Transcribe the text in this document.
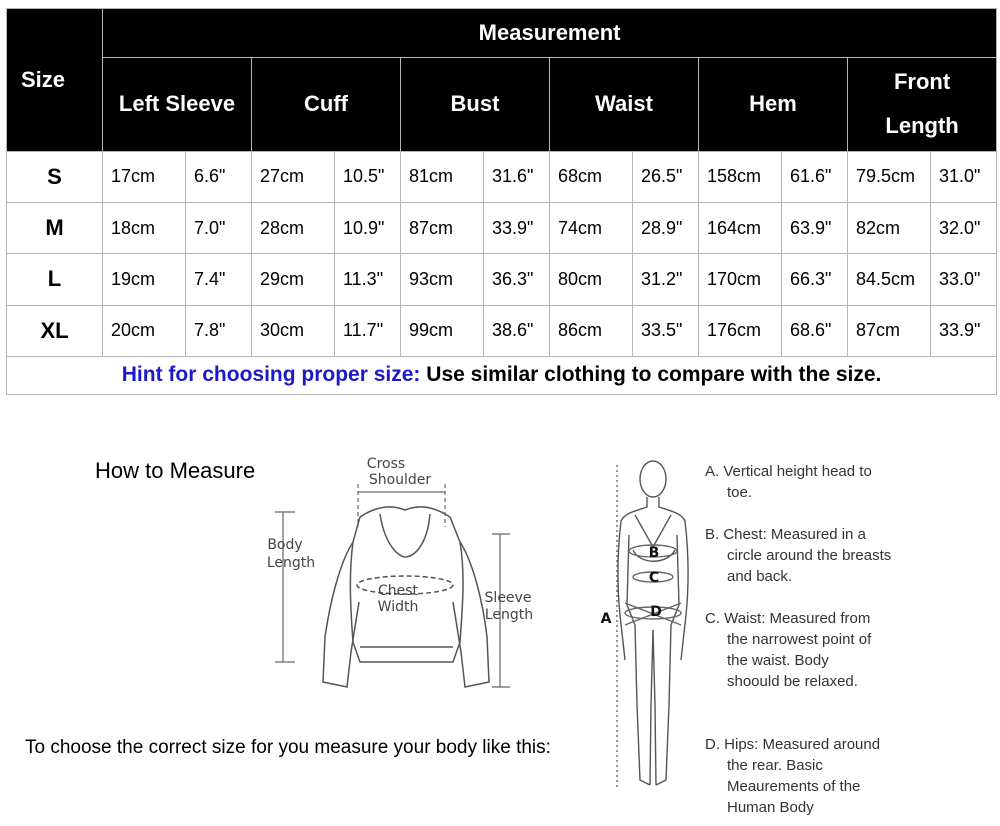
Size	Measurement											
	Left Sleeve		Cuff		Bust		Waist		Hem		Front Length	
S	17cm	6.6"	27cm	10.5"	81cm	31.6"	68cm	26.5"	158cm	61.6"	79.5cm	31.0"
M	18cm	7.0"	28cm	10.9"	87cm	33.9"	74cm	28.9"	164cm	63.9"	82cm	32.0"
L	19cm	7.4"	29cm	11.3"	93cm	36.3"	80cm	31.2"	170cm	66.3"	84.5cm	33.0"
XL	20cm	7.8"	30cm	11.7"	99cm	38.6"	86cm	33.5"	176cm	68.6"	87cm	33.9"
Hint for choosing proper size: Use similar clothing to compare with the size.												
How to Measure	Cross
Shoulder
Body
Length
Chest
Width
Sleeve
Length
To choose the correct size for you measure your body like this:
B
C
D
A
A. Vertical height head to toe.
B. Chest: Measured in a circle around the breasts and back.
C. Waist: Measured from the narrowest point of the waist. Body shoould be relaxed.
D. Hips: Measured around the rear. Basic Meaurements of the Human Body
